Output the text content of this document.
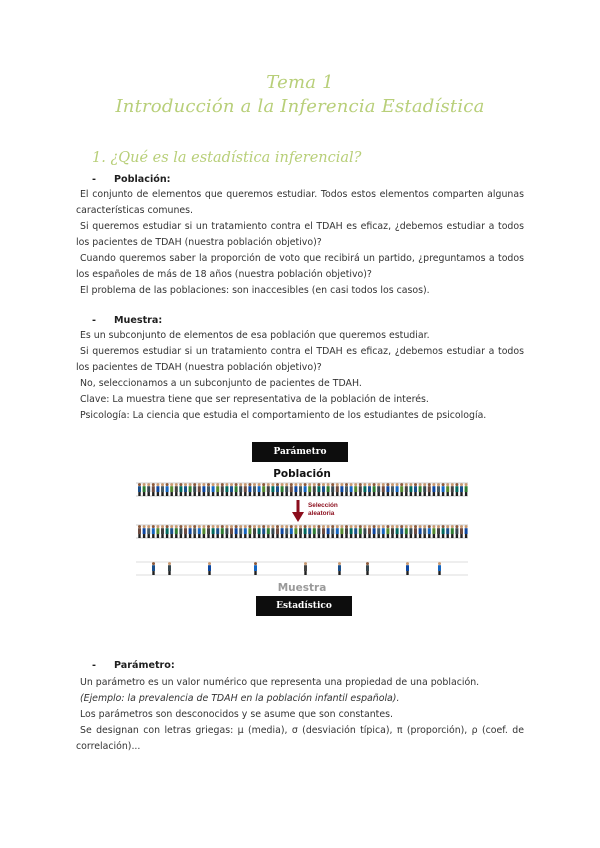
Tema 1
Introducción a la Inferencia Estadística
1. ¿Qué es la estadística inferencial?
- Población:
El conjunto de elementos que queremos estudiar. Todos estos elementos comparten algunas características comunes.
Si queremos estudiar si un tratamiento contra el TDAH es eficaz, ¿debemos estudiar a todos los pacientes de TDAH (nuestra población objetivo)?
Cuando queremos saber la proporción de voto que recibirá un partido, ¿preguntamos a todos los españoles de más de 18 años (nuestra población objetivo)?
El problema de las poblaciones: son inaccesibles (en casi todos los casos).
- Muestra:
Es un subconjunto de elementos de esa población que queremos estudiar.
Si queremos estudiar si un tratamiento contra el TDAH es eficaz, ¿debemos estudiar a todos los pacientes de TDAH (nuestra población objetivo)?
No, seleccionamos a un subconjunto de pacientes de TDAH.
Clave: La muestra tiene que ser representativa de la población de interés.
Psicología: La ciencia que estudia el comportamiento de los estudiantes de psicología.
Parámetro
Población
Selección
aleatoria
Muestra
Estadístico
- Parámetro:
Un parámetro es un valor numérico que representa una propiedad de una población.
(Ejemplo: la prevalencia de TDAH en la población infantil española).
Los parámetros son desconocidos y se asume que son constantes.
Se designan con letras griegas: μ (media), σ (desviación típica), π (proporción), ρ (coef. de correlación)...
